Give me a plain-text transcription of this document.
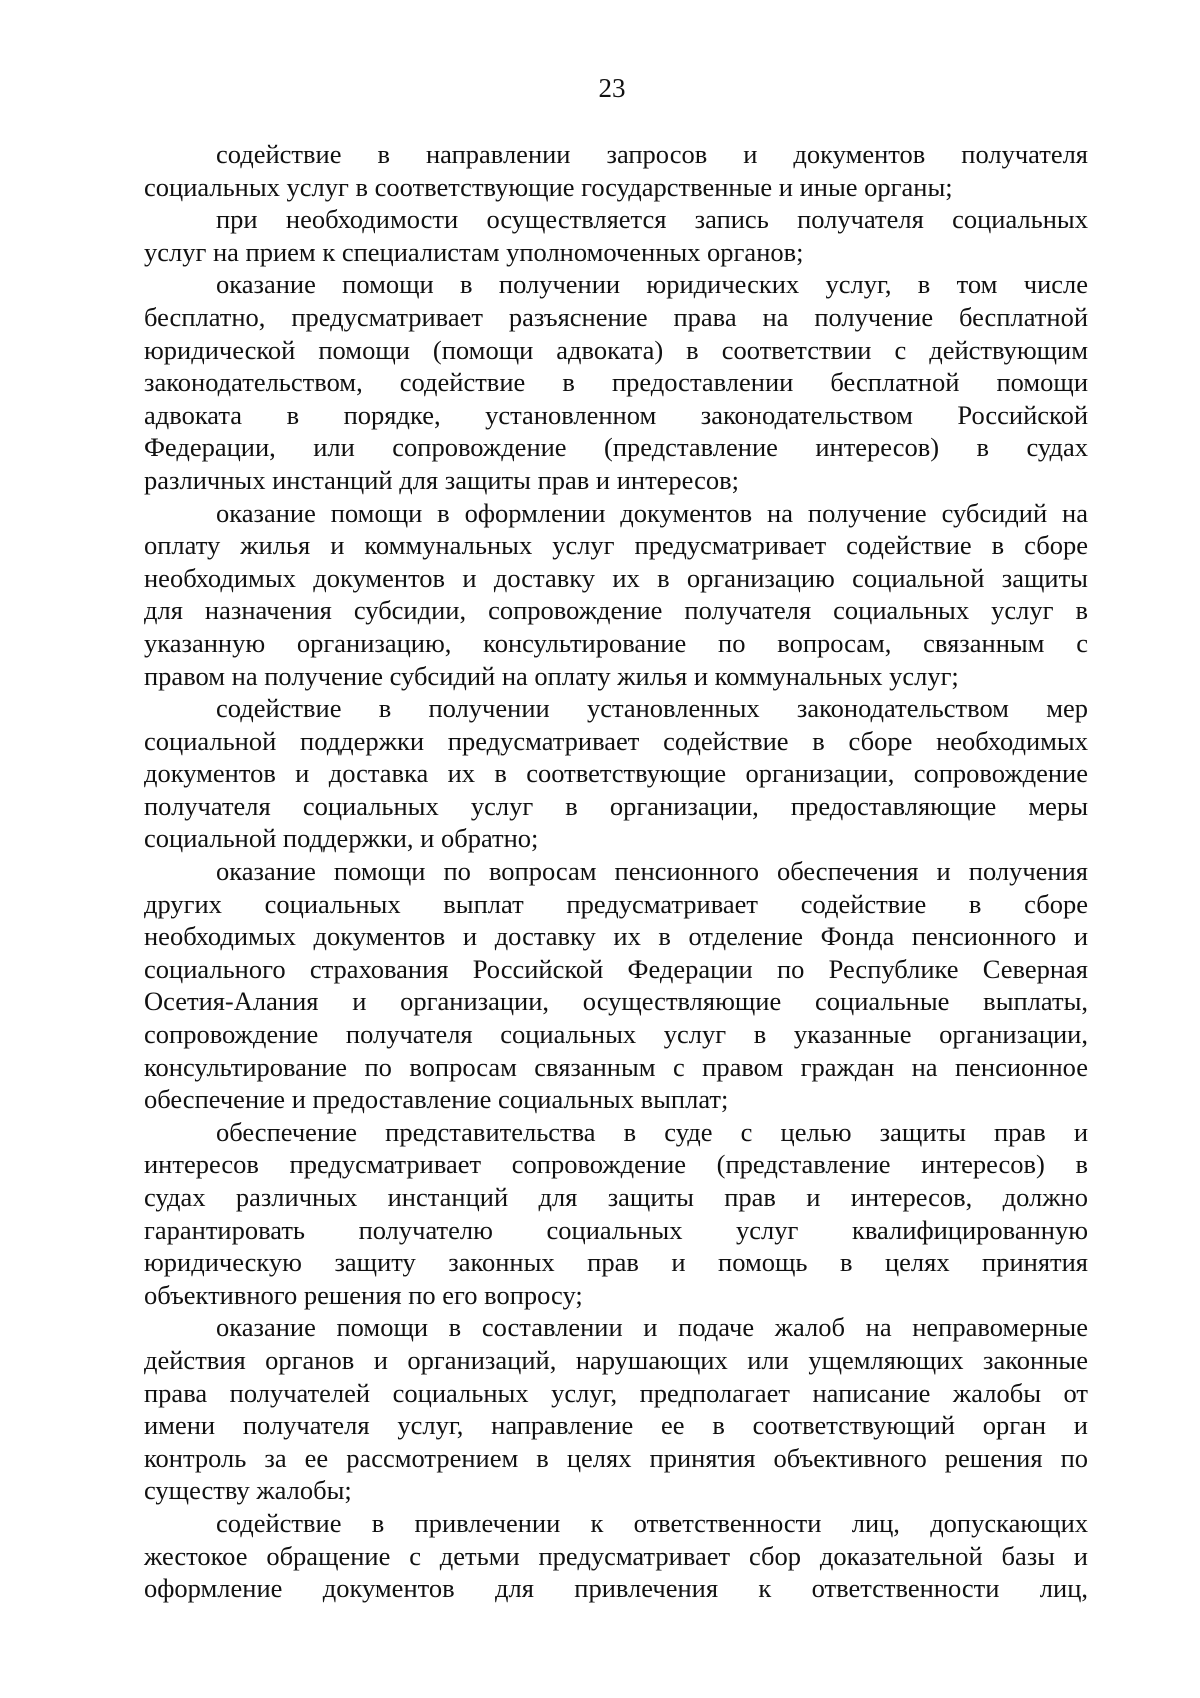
23
содействие в направлении запросов и документов получателя
социальных услуг в соответствующие государственные и иные органы;
при необходимости осуществляется запись получателя социальных
услуг на прием к специалистам уполномоченных органов;
оказание помощи в получении юридических услуг, в том числе
бесплатно, предусматривает разъяснение права на получение бесплатной
юридической помощи (помощи адвоката) в соответствии с действующим
законодательством, содействие в предоставлении бесплатной помощи
адвоката в порядке, установленном законодательством Российской
Федерации, или сопровождение (представление интересов) в судах
различных инстанций для защиты прав и интересов;
оказание помощи в оформлении документов на получение субсидий на
оплату жилья и коммунальных услуг предусматривает содействие в сборе
необходимых документов и доставку их в организацию социальной защиты
для назначения субсидии, сопровождение получателя социальных услуг в
указанную организацию, консультирование по вопросам, связанным с
правом на получение субсидий на оплату жилья и коммунальных услуг;
содействие в получении установленных законодательством мер
социальной поддержки предусматривает содействие в сборе необходимых
документов и доставка их в соответствующие организации, сопровождение
получателя социальных услуг в организации, предоставляющие меры
социальной поддержки, и обратно;
оказание помощи по вопросам пенсионного обеспечения и получения
других социальных выплат предусматривает содействие в сборе
необходимых документов и доставку их в отделение Фонда пенсионного и
социального страхования Российской Федерации по Республике Северная
Осетия-Алания и организации, осуществляющие социальные выплаты,
сопровождение получателя социальных услуг в указанные организации,
консультирование по вопросам связанным с правом граждан на пенсионное
обеспечение и предоставление социальных выплат;
обеспечение представительства в суде с целью защиты прав и
интересов предусматривает сопровождение (представление интересов) в
судах различных инстанций для защиты прав и интересов, должно
гарантировать получателю социальных услуг квалифицированную
юридическую защиту законных прав и помощь в целях принятия
объективного решения по его вопросу;
оказание помощи в составлении и подаче жалоб на неправомерные
действия органов и организаций, нарушающих или ущемляющих законные
права получателей социальных услуг, предполагает написание жалобы от
имени получателя услуг, направление ее в соответствующий орган и
контроль за ее рассмотрением в целях принятия объективного решения по
существу жалобы;
содействие в привлечении к ответственности лиц, допускающих
жестокое обращение с детьми предусматривает сбор доказательной базы и
оформление документов для привлечения к ответственности лиц,
